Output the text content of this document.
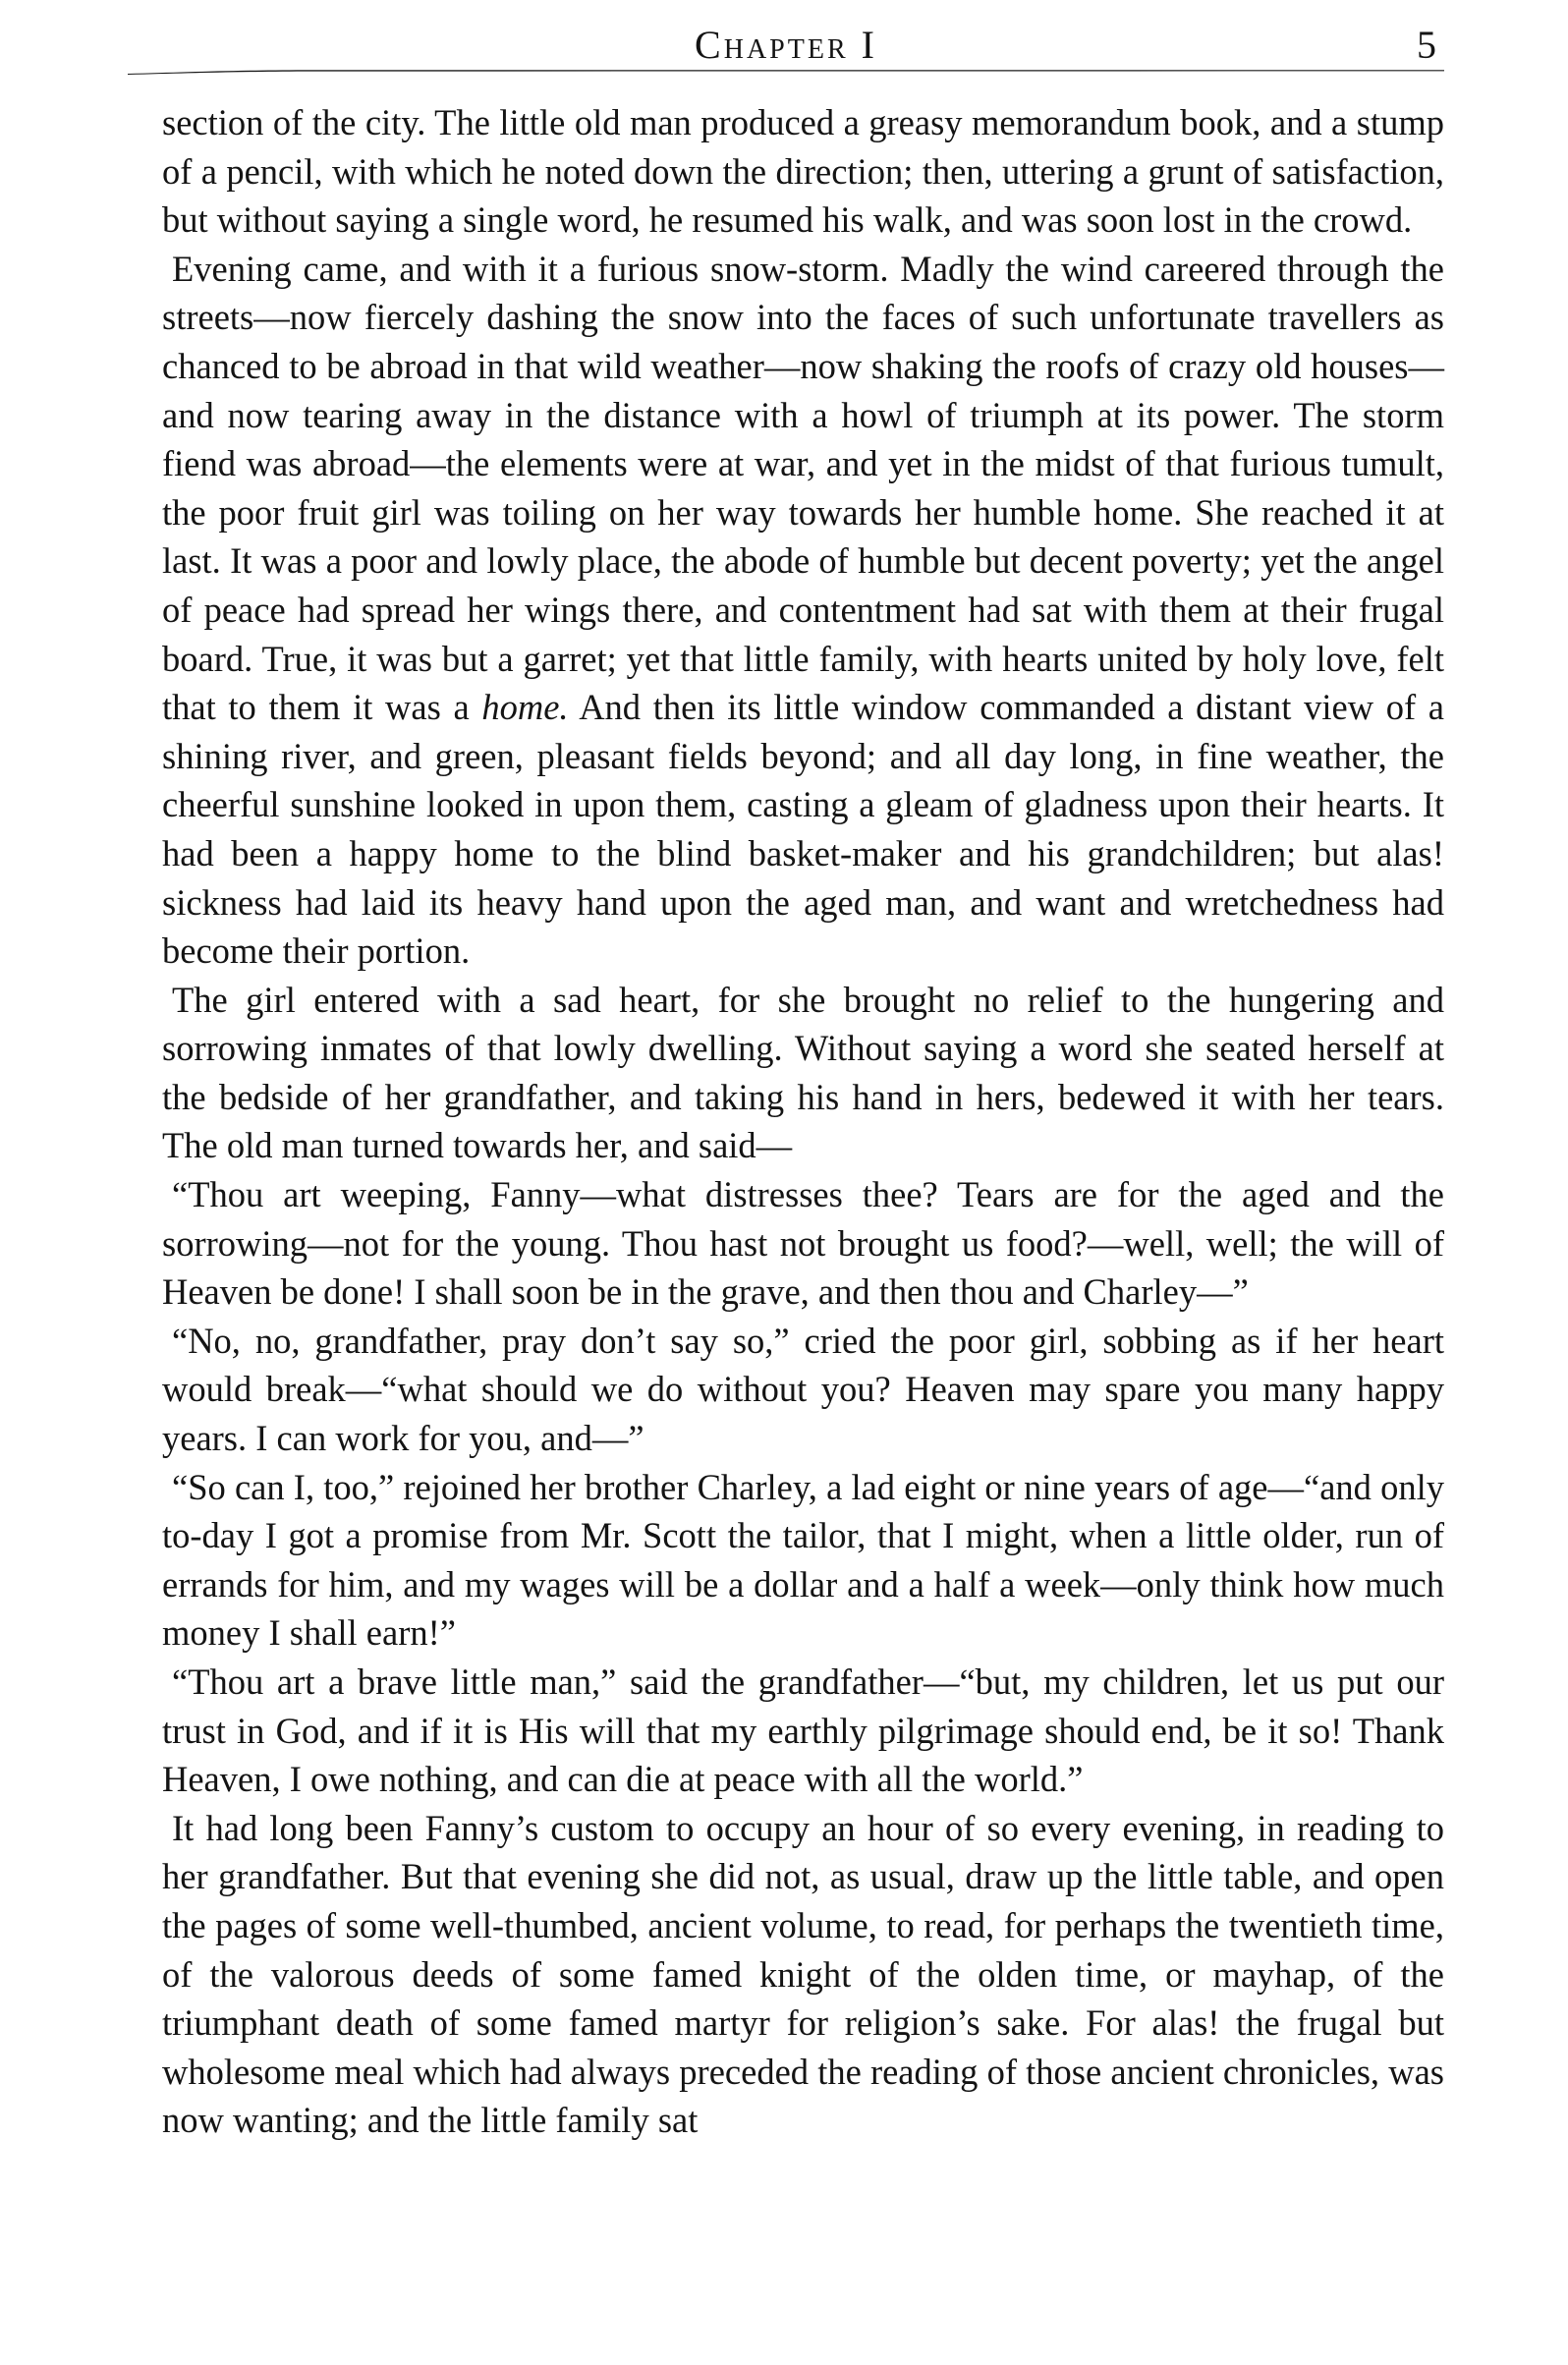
Chapter I	5

section of the city. The little old man produced a greasy memorandum book, and a stump of a pencil, with which he noted down the direction; then, uttering a grunt of satisfaction, but without saying a single word, he resumed his walk, and was soon lost in the crowd.

Evening came, and with it a furious snow-storm. Madly the wind careered through the streets—now fiercely dashing the snow into the faces of such unfortunate travellers as chanced to be abroad in that wild weather—now shaking the roofs of crazy old houses—and now tearing away in the distance with a howl of triumph at its power. The storm fiend was abroad—the elements were at war, and yet in the midst of that furious tumult, the poor fruit girl was toiling on her way towards her humble home. She reached it at last. It was a poor and lowly place, the abode of humble but decent poverty; yet the angel of peace had spread her wings there, and contentment had sat with them at their frugal board. True, it was but a garret; yet that little family, with hearts united by holy love, felt that to them it was a home. And then its little window commanded a distant view of a shining river, and green, pleasant fields beyond; and all day long, in fine weather, the cheerful sunshine looked in upon them, casting a gleam of gladness upon their hearts. It had been a happy home to the blind basket-maker and his grandchildren; but alas! sickness had laid its heavy hand upon the aged man, and want and wretchedness had become their portion.

The girl entered with a sad heart, for she brought no relief to the hungering and sorrowing inmates of that lowly dwelling. Without saying a word she seated herself at the bedside of her grandfather, and taking his hand in hers, bedewed it with her tears. The old man turned towards her, and said—

“Thou art weeping, Fanny—what distresses thee? Tears are for the aged and the sorrowing—not for the young. Thou hast not brought us food?—well, well; the will of Heaven be done! I shall soon be in the grave, and then thou and Charley—”

“No, no, grandfather, pray don’t say so,” cried the poor girl, sobbing as if her heart would break—“what should we do without you? Heaven may spare you many happy years. I can work for you, and—”

“So can I, too,” rejoined her brother Charley, a lad eight or nine years of age—“and only to-day I got a promise from Mr. Scott the tailor, that I might, when a little older, run of errands for him, and my wages will be a dollar and a half a week—only think how much money I shall earn!”

“Thou art a brave little man,” said the grandfather—“but, my children, let us put our trust in God, and if it is His will that my earthly pilgrimage should end, be it so! Thank Heaven, I owe nothing, and can die at peace with all the world.”

It had long been Fanny’s custom to occupy an hour of so every evening, in reading to her grandfather. But that evening she did not, as usual, draw up the little table, and open the pages of some well-thumbed, ancient volume, to read, for perhaps the twentieth time, of the valorous deeds of some famed knight of the olden time, or mayhap, of the triumphant death of some famed martyr for religion’s sake. For alas! the frugal but wholesome meal which had always preceded the reading of those ancient chronicles, was now wanting; and the little family sat
